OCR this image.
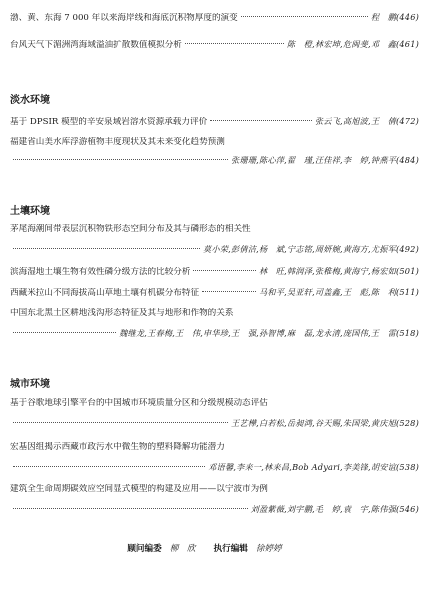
渤、黄、东海 7 000 年以来海岸线和海底沉积物厚度的演变	程　鹏(446)
台风天气下湄洲湾海域溢油扩散数值模拟分析	陈　橙,林宏坤,危闽斐,邓　鑫(461)
淡水环境
基于 DPSIR 模型的辛安泉域岩溶水资源承载力评价	张云飞,高旭波,王　倩(472)
福建省山美水库浮游植物丰度现状及其未来变化趋势预测
张珊珊,陈心萍,翟　瑾,汪佳祥,李　婷,钟燕平(484)
土壤环境
茅尾海潮间带表层沉积物铁形态空间分布及其与磷形态的相关性
莫小荣,彭倩洁,杨　斌,宁志铭,周妍婉,黄海方,尤振军(492)
滨海湿地土壤生物有效性磷分级方法的比较分析	林　旺,韩润泽,张稚梅,黄海宁,杨宏如(501)
西藏米拉山不同海拔高山草地土壤有机碳分布特征	马和平,吴亚轩,司盖鑫,王　彪,陈　利(511)
中国东北黑土区耕地浅沟形态特征及其与地形和作物的关系
魏继龙,王春梅,王　伟,申华珍,王　强,孙智博,麻　磊,龙永清,庞国伟,王　雷(518)
城市环境
基于谷歌地球引擎平台的中国城市环境质量分区和分级规模动态评估
王艺樺,白若松,岳昶鸿,谷天赐,朱国梁,黄庆旭(528)
宏基因组揭示西藏市政污水中微生物的塑料降解功能潜力
邓语馨,李来一,林来昌,Bob Adyari,李美锋,胡安谊(538)
建筑全生命周期碳效应空间显式模型的构建及应用——以宁波市为例
刘盈紫薇,刘宇鹏,毛　婷,袁　宇,陈伟强(546)
顾问编委 柳　欣 执行编辑 徐婷婷
